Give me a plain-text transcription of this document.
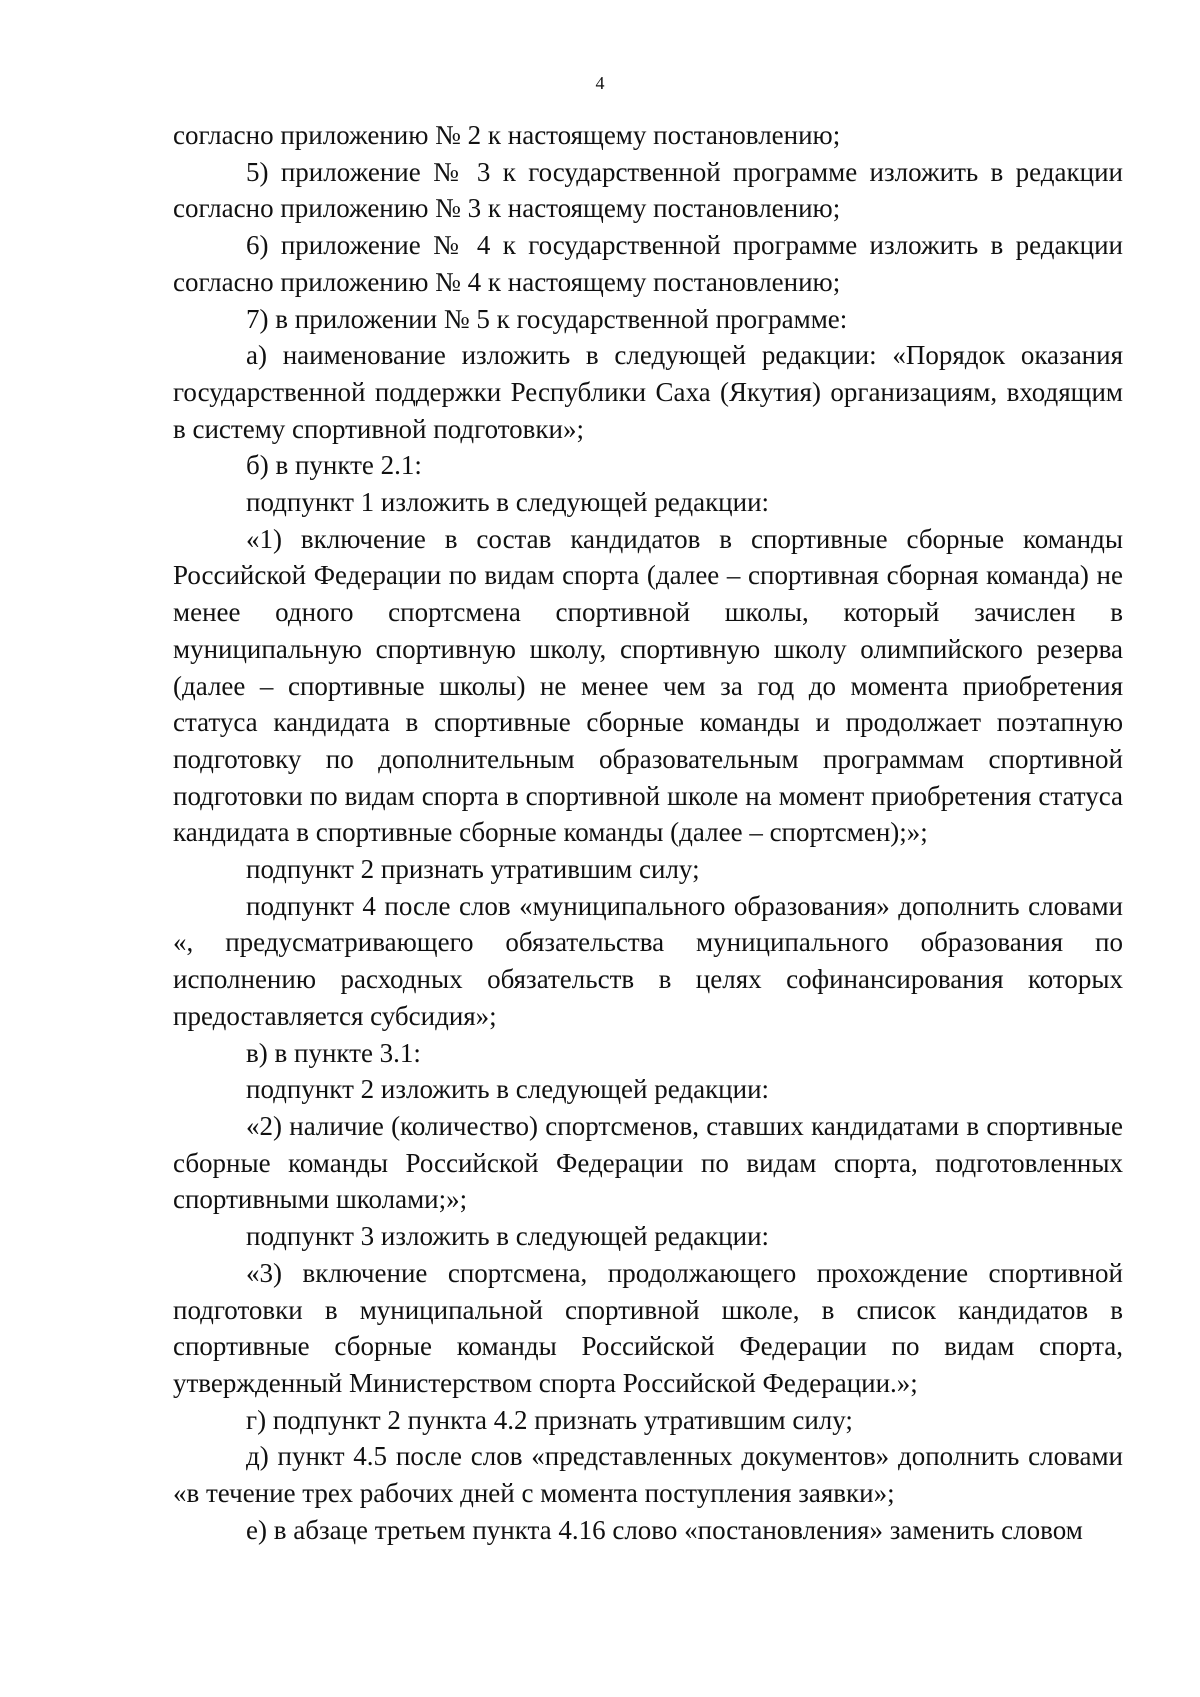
4

согласно приложению № 2 к настоящему постановлению;

5) приложение № 3 к государственной программе изложить в редакции согласно приложению № 3 к настоящему постановлению;

6) приложение № 4 к государственной программе изложить в редакции согласно приложению № 4 к настоящему постановлению;

7) в приложении № 5 к государственной программе:

а) наименование изложить в следующей редакции: «Порядок оказания государственной поддержки Республики Саха (Якутия) организациям, входящим в систему спортивной подготовки»;

б) в пункте 2.1:

подпункт 1 изложить в следующей редакции:

«1) включение в состав кандидатов в спортивные сборные команды Российской Федерации по видам спорта (далее – спортивная сборная команда) не менее одного спортсмена спортивной школы, который зачислен в муниципальную спортивную школу, спортивную школу олимпийского резерва (далее – спортивные школы) не менее чем за год до момента приобретения статуса кандидата в спортивные сборные команды и продолжает поэтапную подготовку по дополнительным образовательным программам спортивной подготовки по видам спорта в спортивной школе на момент приобретения статуса кандидата в спортивные сборные команды (далее – спортсмен);»;

подпункт 2 признать утратившим силу;

подпункт 4 после слов «муниципального образования» дополнить словами «, предусматривающего обязательства муниципального образования по исполнению расходных обязательств в целях софинансирования которых предоставляется субсидия»;

в) в пункте 3.1:

подпункт 2 изложить в следующей редакции:

«2) наличие (количество) спортсменов, ставших кандидатами в спортивные сборные команды Российской Федерации по видам спорта, подготовленных спортивными школами;»;

подпункт 3 изложить в следующей редакции:

«3) включение спортсмена, продолжающего прохождение спортивной подготовки в муниципальной спортивной школе, в список кандидатов в спортивные сборные команды Российской Федерации по видам спорта, утвержденный Министерством спорта Российской Федерации.»;

г) подпункт 2 пункта 4.2 признать утратившим силу;

д) пункт 4.5 после слов «представленных документов» дополнить словами «в течение трех рабочих дней с момента поступления заявки»;

е) в абзаце третьем пункта 4.16 слово «постановления» заменить словом
